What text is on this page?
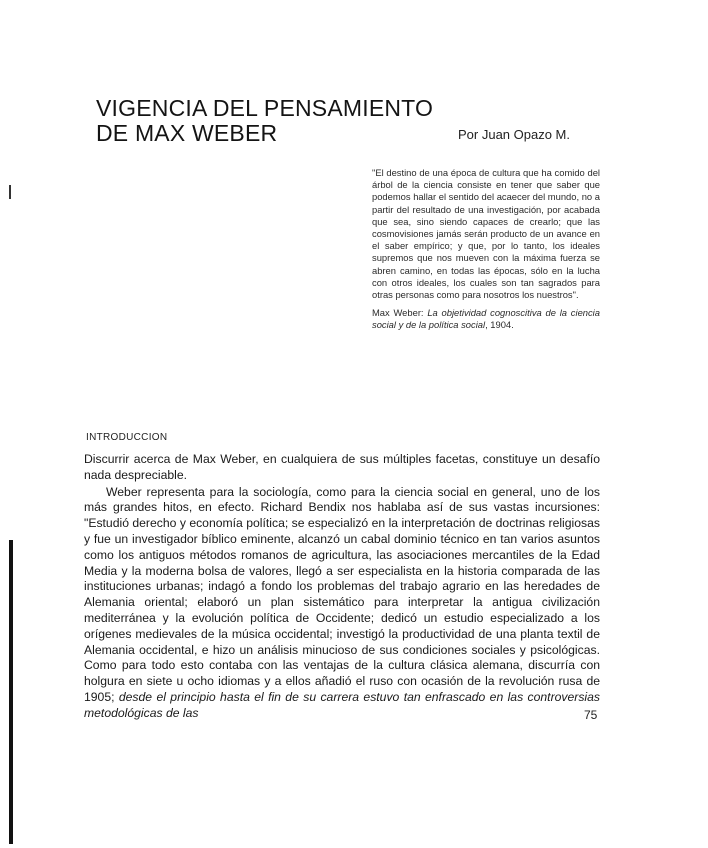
VIGENCIA DEL PENSAMIENTO
DE MAX WEBER	Por Juan Opazo M.

"El destino de una época de cultura que ha comido del árbol de la ciencia consiste en tener que saber que podemos hallar el sentido del acaecer del mundo, no a partir del resultado de una investigación, por acabada que sea, sino siendo capaces de crearlo; que las cosmovisiones jamás serán producto de un avance en el saber empírico; y que, por lo tanto, los ideales supremos que nos mueven con la máxima fuerza se abren camino, en todas las épocas, sólo en la lucha con otros ideales, los cuales son tan sagrados para otras personas como para nosotros los nuestros".

Max Weber: La objetividad cognoscitiva de la ciencia social y de la política social, 1904.

INTRODUCCION

Discurrir acerca de Max Weber, en cualquiera de sus múltiples facetas, constituye un desafío nada despreciable.

Weber representa para la sociología, como para la ciencia social en general, uno de los más grandes hitos, en efecto. Richard Bendix nos hablaba así de sus vastas incursiones: "Estudió derecho y economía política; se especializó en la interpretación de doctrinas religiosas y fue un investigador bíblico eminente, alcanzó un cabal dominio técnico en tan varios asuntos como los antiguos métodos romanos de agricultura, las asociaciones mercantiles de la Edad Media y la moderna bolsa de valores, llegó a ser especialista en la historia comparada de las instituciones urbanas; indagó a fondo los problemas del trabajo agrario en las heredades de Alemania oriental; elaboró un plan sistemático para interpretar la antigua civilización mediterránea y la evolución política de Occidente; dedicó un estudio especializado a los orígenes medievales de la música occidental; investigó la productividad de una planta textil de Alemania occidental, e hizo un análisis minucioso de sus condiciones sociales y psicológicas. Como para todo esto contaba con las ventajas de la cultura clásica alemana, discurría con holgura en siete u ocho idiomas y a ellos añadió el ruso con ocasión de la revolución rusa de 1905; desde el principio hasta el fin de su carrera estuvo tan enfrascado en las controversias metodológicas de las	75
